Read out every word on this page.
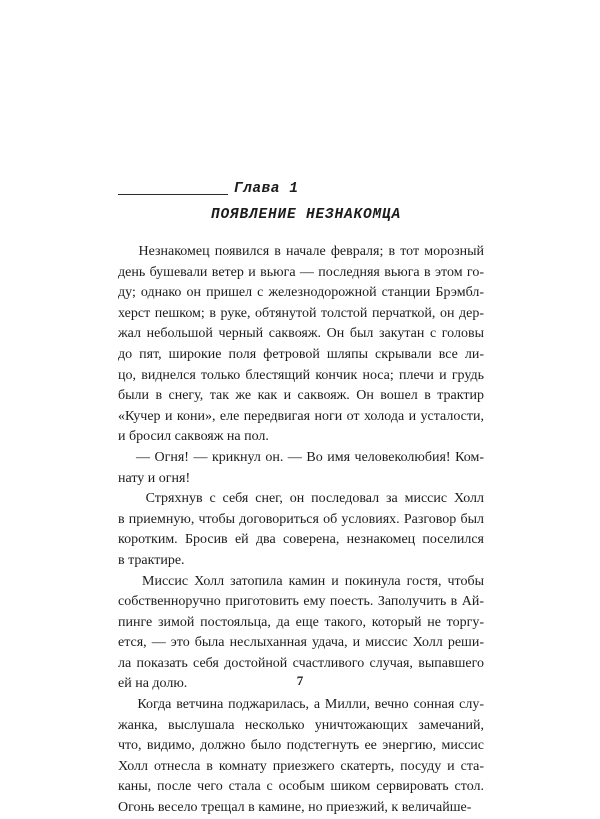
Глава 1
ПОЯВЛЕНИЕ НЕЗНАКОМЦА
Незнакомец появился в начале февраля; в тот морозный
день бушевали ветер и вьюга — последняя вьюга в этом го-
ду; однако он пришел с железнодорожной станции Брэмбл-
херст пешком; в руке, обтянутой толстой перчаткой, он дер-
жал небольшой черный саквояж. Он был закутан с головы
до пят, широкие поля фетровой шляпы скрывали все ли-
цо, виднелся только блестящий кончик носа; плечи и грудь
были в снегу, так же как и саквояж. Он вошел в трактир
«Кучер и кони», еле передвигая ноги от холода и усталости,
и бросил саквояж на пол.
— Огня! — крикнул он. — Во имя человеколюбия! Ком-
нату и огня!
Стряхнув с себя снег, он последовал за миссис Холл
в приемную, чтобы договориться об условиях. Разговор был
коротким. Бросив ей два соверена, незнакомец поселился
в трактире.
Миссис Холл затопила камин и покинула гостя, чтобы
собственноручно приготовить ему поесть. Заполучить в Ай-
пинге зимой постояльца, да еще такого, который не торгу-
ется, — это была неслыханная удача, и миссис Холл реши-
ла показать себя достойной счастливого случая, выпавшего
ей на долю.
Когда ветчина поджарилась, а Милли, вечно сонная слу-
жанка, выслушала несколько уничтожающих замечаний,
что, видимо, должно было подстегнуть ее энергию, миссис
Холл отнесла в комнату приезжего скатерть, посуду и ста-
каны, после чего стала с особым шиком сервировать стол.
Огонь весело трещал в камине, но приезжий, к величайше-
7
